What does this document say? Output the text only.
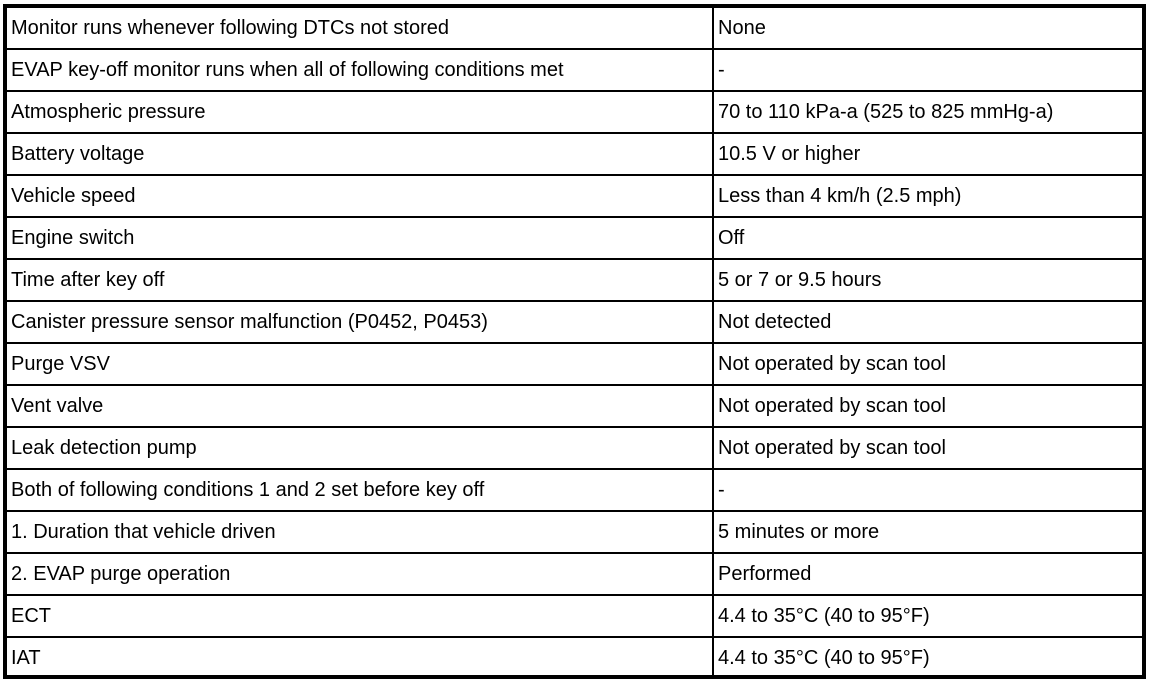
Monitor runs whenever following DTCs not stored	None
EVAP key-off monitor runs when all of following conditions met	-
Atmospheric pressure	70 to 110 kPa-a (525 to 825 mmHg-a)
Battery voltage	10.5 V or higher
Vehicle speed	Less than 4 km/h (2.5 mph)
Engine switch	Off
Time after key off	5 or 7 or 9.5 hours
Canister pressure sensor malfunction (P0452, P0453)	Not detected
Purge VSV	Not operated by scan tool
Vent valve	Not operated by scan tool
Leak detection pump	Not operated by scan tool
Both of following conditions 1 and 2 set before key off	-
1. Duration that vehicle driven	5 minutes or more
2. EVAP purge operation	Performed
ECT	4.4 to 35°C (40 to 95°F)
IAT	4.4 to 35°C (40 to 95°F)
